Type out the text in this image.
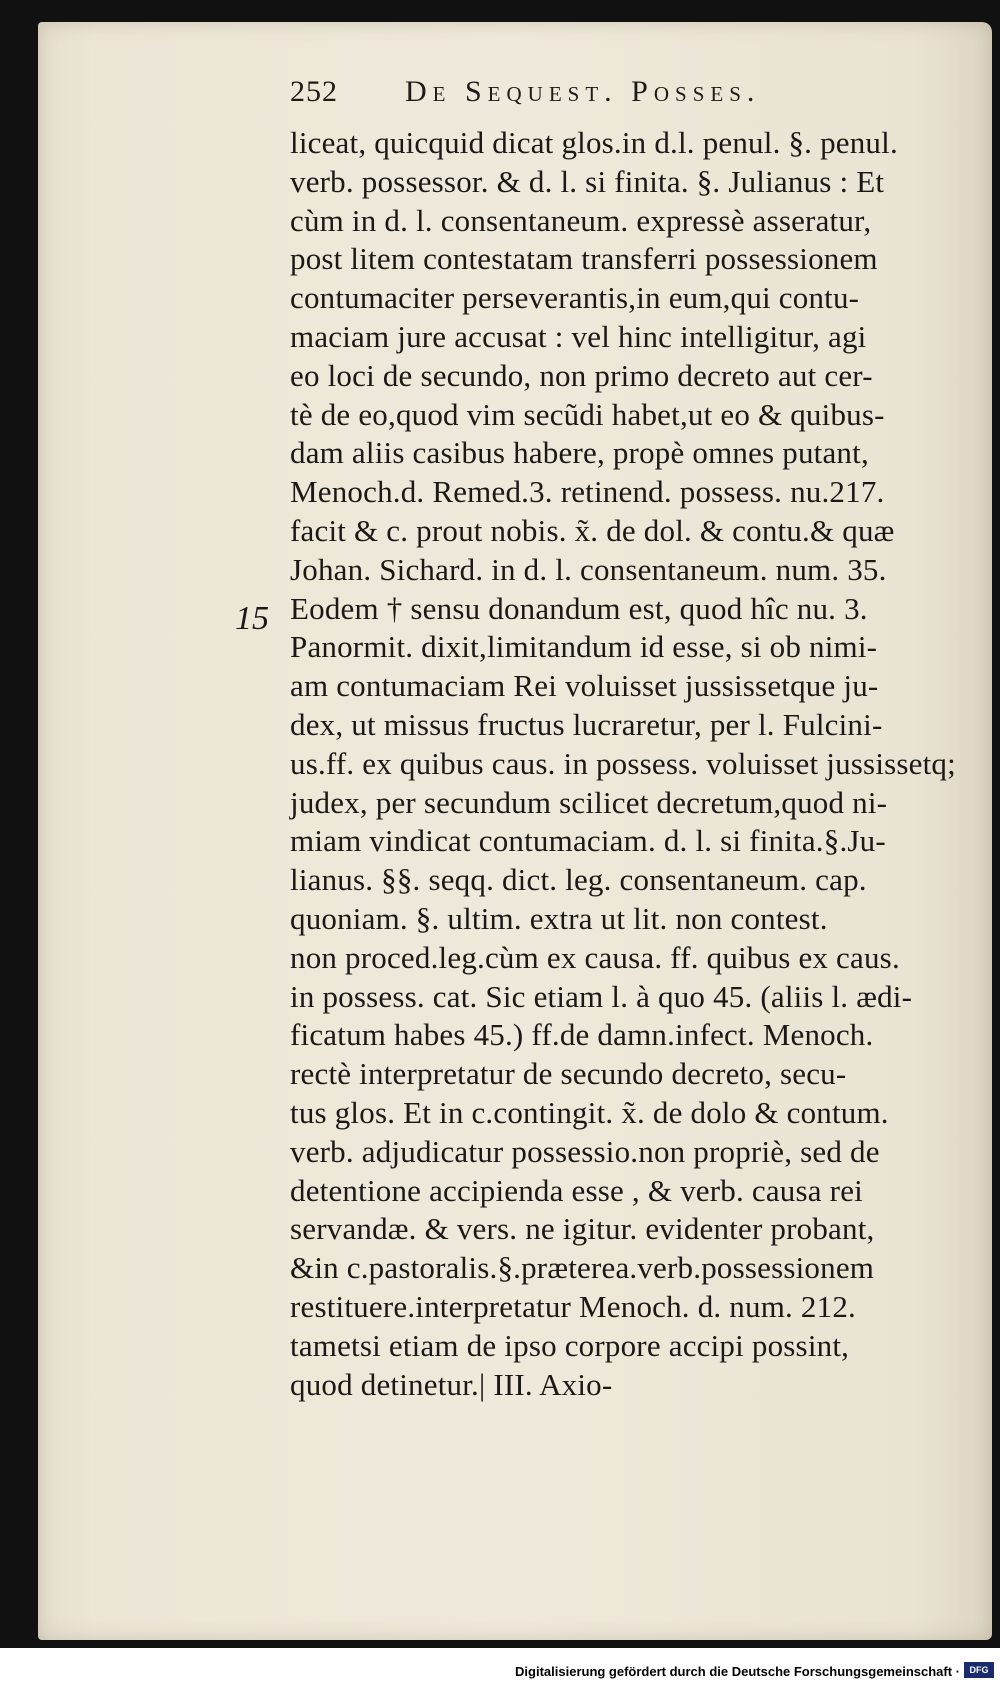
252 De Sequest. Posses.
15
liceat, quicquid dicat glos.in d.l. penul. §. penul.
verb. possessor. & d. l. si finita. §. Julianus : Et
cùm in d. l. consentaneum. expressè asseratur,
post litem contestatam transferri possessionem
contumaciter perseverantis,in eum,qui contu-
maciam jure accusat : vel hinc intelligitur, agi
eo loci de secundo, non primo decreto aut cer-
tè de eo,quod vim secũdi habet,ut eo & quibus-
dam aliis casibus habere, propè omnes putant,
Menoch.d. Remed.3. retinend. possess. nu.217.
facit & c. prout nobis. x̃. de dol. & contu.& quæ
Johan. Sichard. in d. l. consentaneum. num. 35.
Eodem † sensu donandum est, quod hîc nu. 3.
Panormit. dixit,limitandum id esse, si ob nimi-
am contumaciam Rei voluisset jussissetque ju-
dex, ut missus fructus lucraretur, per l. Fulcini-
us.ff. ex quibus caus. in possess. voluisset jussissetq;
judex, per secundum scilicet decretum,quod ni-
miam vindicat contumaciam. d. l. si finita.§.Ju-
lianus. §§. seqq. dict. leg. consentaneum. cap.
quoniam. §. ultim. extra ut lit. non contest.
non proced.leg.cùm ex causa. ff. quibus ex caus.
in possess. cat. Sic etiam l. à quo 45. (aliis l. ædi-
ficatum habes 45.) ff.de damn.infect. Menoch.
rectè interpretatur de secundo decreto, secu-
tus glos. Et in c.contingit. x̃. de dolo & contum.
verb. adjudicatur possessio.non propriè, sed de
detentione accipienda esse , & verb. causa rei
servandæ. & vers. ne igitur. evidenter probant,
&in c.pastoralis.§.præterea.verb.possessionem
restituere.interpretatur Menoch. d. num. 212.
tametsi etiam de ipso corpore accipi possint,
quod detinetur.| III. Axio-
Digitalisierung gefördert durch die Deutsche Forschungsgemeinschaft ·	DFG
